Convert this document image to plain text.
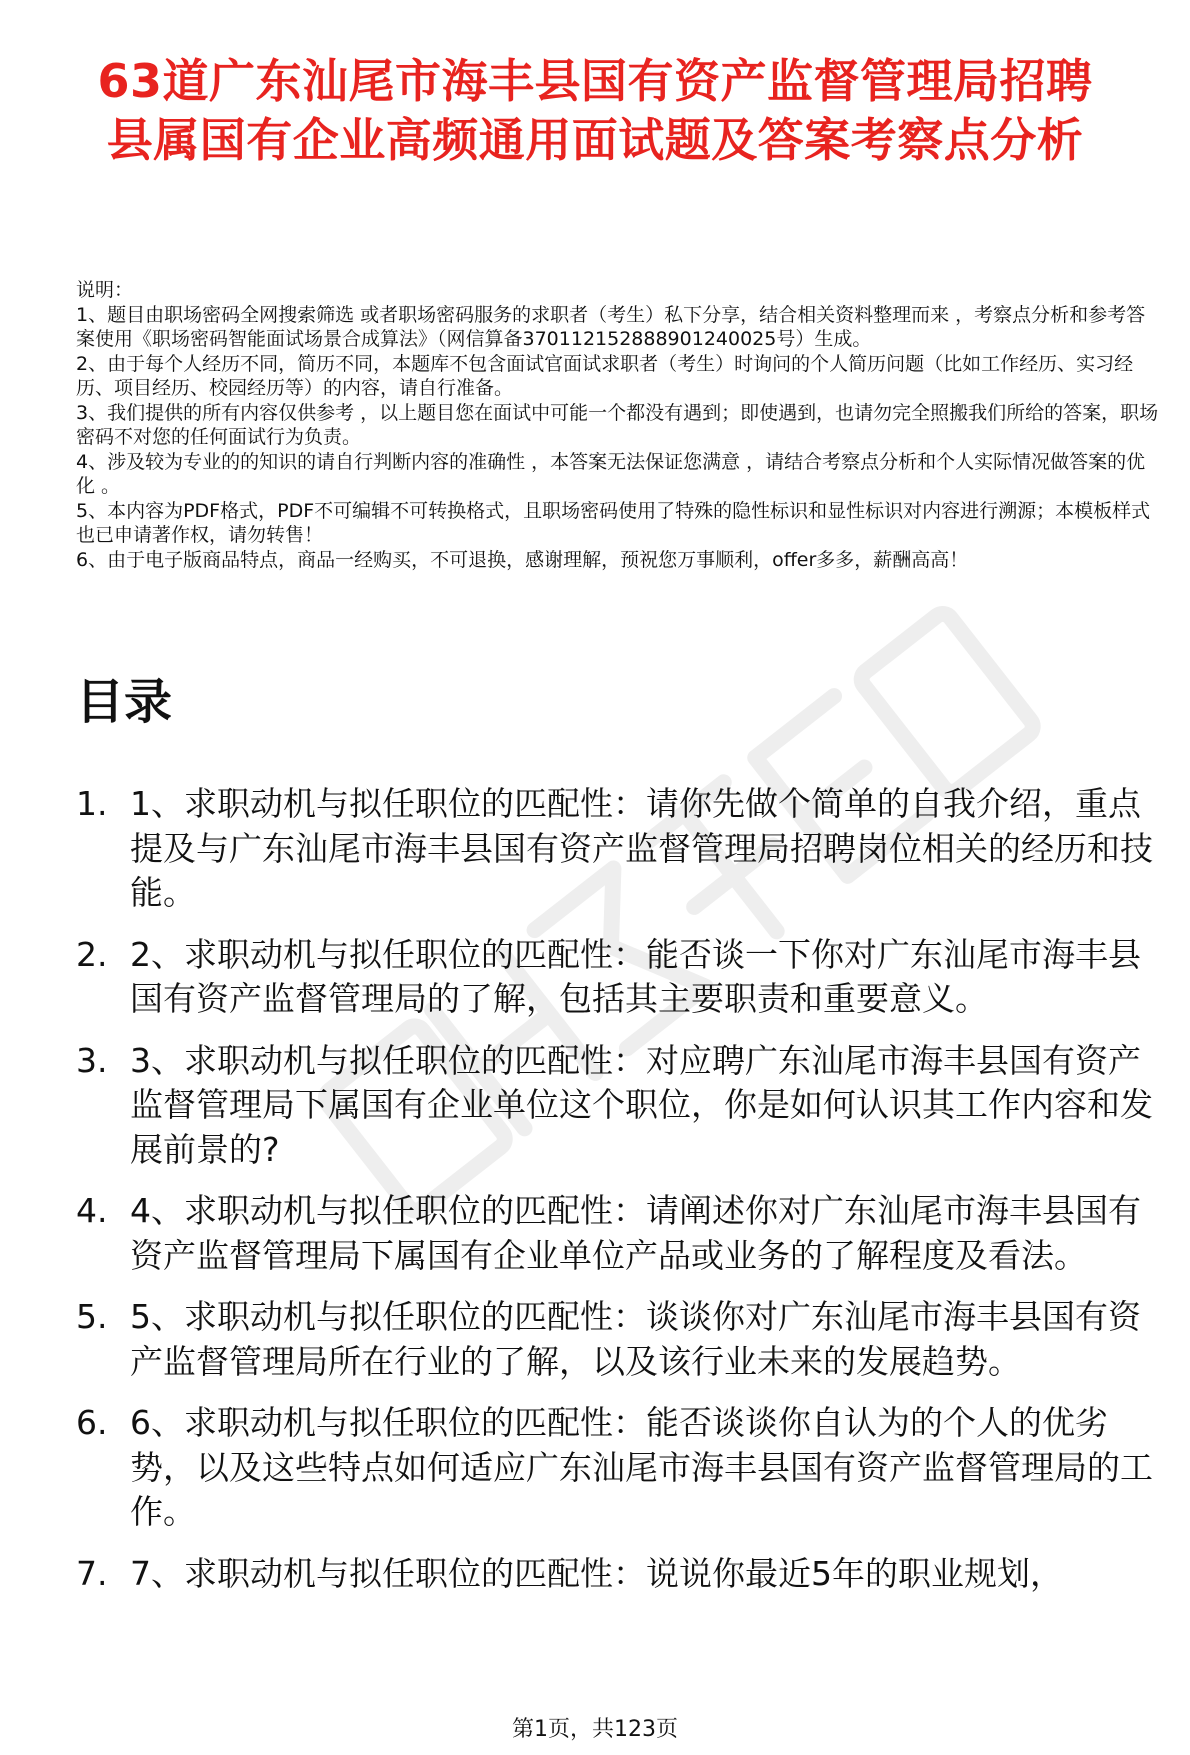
63道广东汕尾市海丰县国有资产监督管理局招聘县属国有企业高频通用面试题及答案考察点分析

说明：

1、题目由职场密码全网搜索筛选 或者职场密码服务的求职者（考生）私下分享，结合相关资料整理而来 ，考察点分析和参考答案使用《职场密码智能面试场景合成算法》（网信算备370112152888901240025号）生成。

2、由于每个人经历不同，简历不同，本题库不包含面试官面试求职者（考生）时询问的个人简历问题（比如工作经历、实习经历、项目经历、校园经历等）的内容，请自行准备。

3、我们提供的所有内容仅供参考 ，以上题目您在面试中可能一个都没有遇到；即使遇到，也请勿完全照搬我们所给的答案，职场密码不对您的任何面试行为负责。

4、涉及较为专业的的知识的请自行判断内容的准确性 ，本答案无法保证您满意 ，请结合考察点分析和个人实际情况做答案的优化 。

5、本内容为PDF格式，PDF不可编辑不可转换格式，且职场密码使用了特殊的隐性标识和显性标识对内容进行溯源；本模板样式也已申请著作权，请勿转售！

6、由于电子版商品特点，商品一经购买，不可退换，感谢理解，预祝您万事顺利，offer多多，薪酬高高！

目录
1. 1、求职动机与拟任职位的匹配性：请你先做个简单的自我介绍，重点提及与广东汕尾市海丰县国有资产监督管理局招聘岗位相关的经历和技能。
2. 2、求职动机与拟任职位的匹配性：能否谈一下你对广东汕尾市海丰县国有资产监督管理局的了解，包括其主要职责和重要意义。
3. 3、求职动机与拟任职位的匹配性：对应聘广东汕尾市海丰县国有资产监督管理局下属国有企业单位这个职位，你是如何认识其工作内容和发展前景的?
4. 4、求职动机与拟任职位的匹配性：请阐述你对广东汕尾市海丰县国有资产监督管理局下属国有企业单位产品或业务的了解程度及看法。
5. 5、求职动机与拟任职位的匹配性：谈谈你对广东汕尾市海丰县国有资产监督管理局所在行业的了解，以及该行业未来的发展趋势。
6. 6、求职动机与拟任职位的匹配性：能否谈谈你自认为的个人的优劣势，以及这些特点如何适应广东汕尾市海丰县国有资产监督管理局的工作。
7. 7、求职动机与拟任职位的匹配性：说说你最近5年的职业规划，
第1页，共123页
